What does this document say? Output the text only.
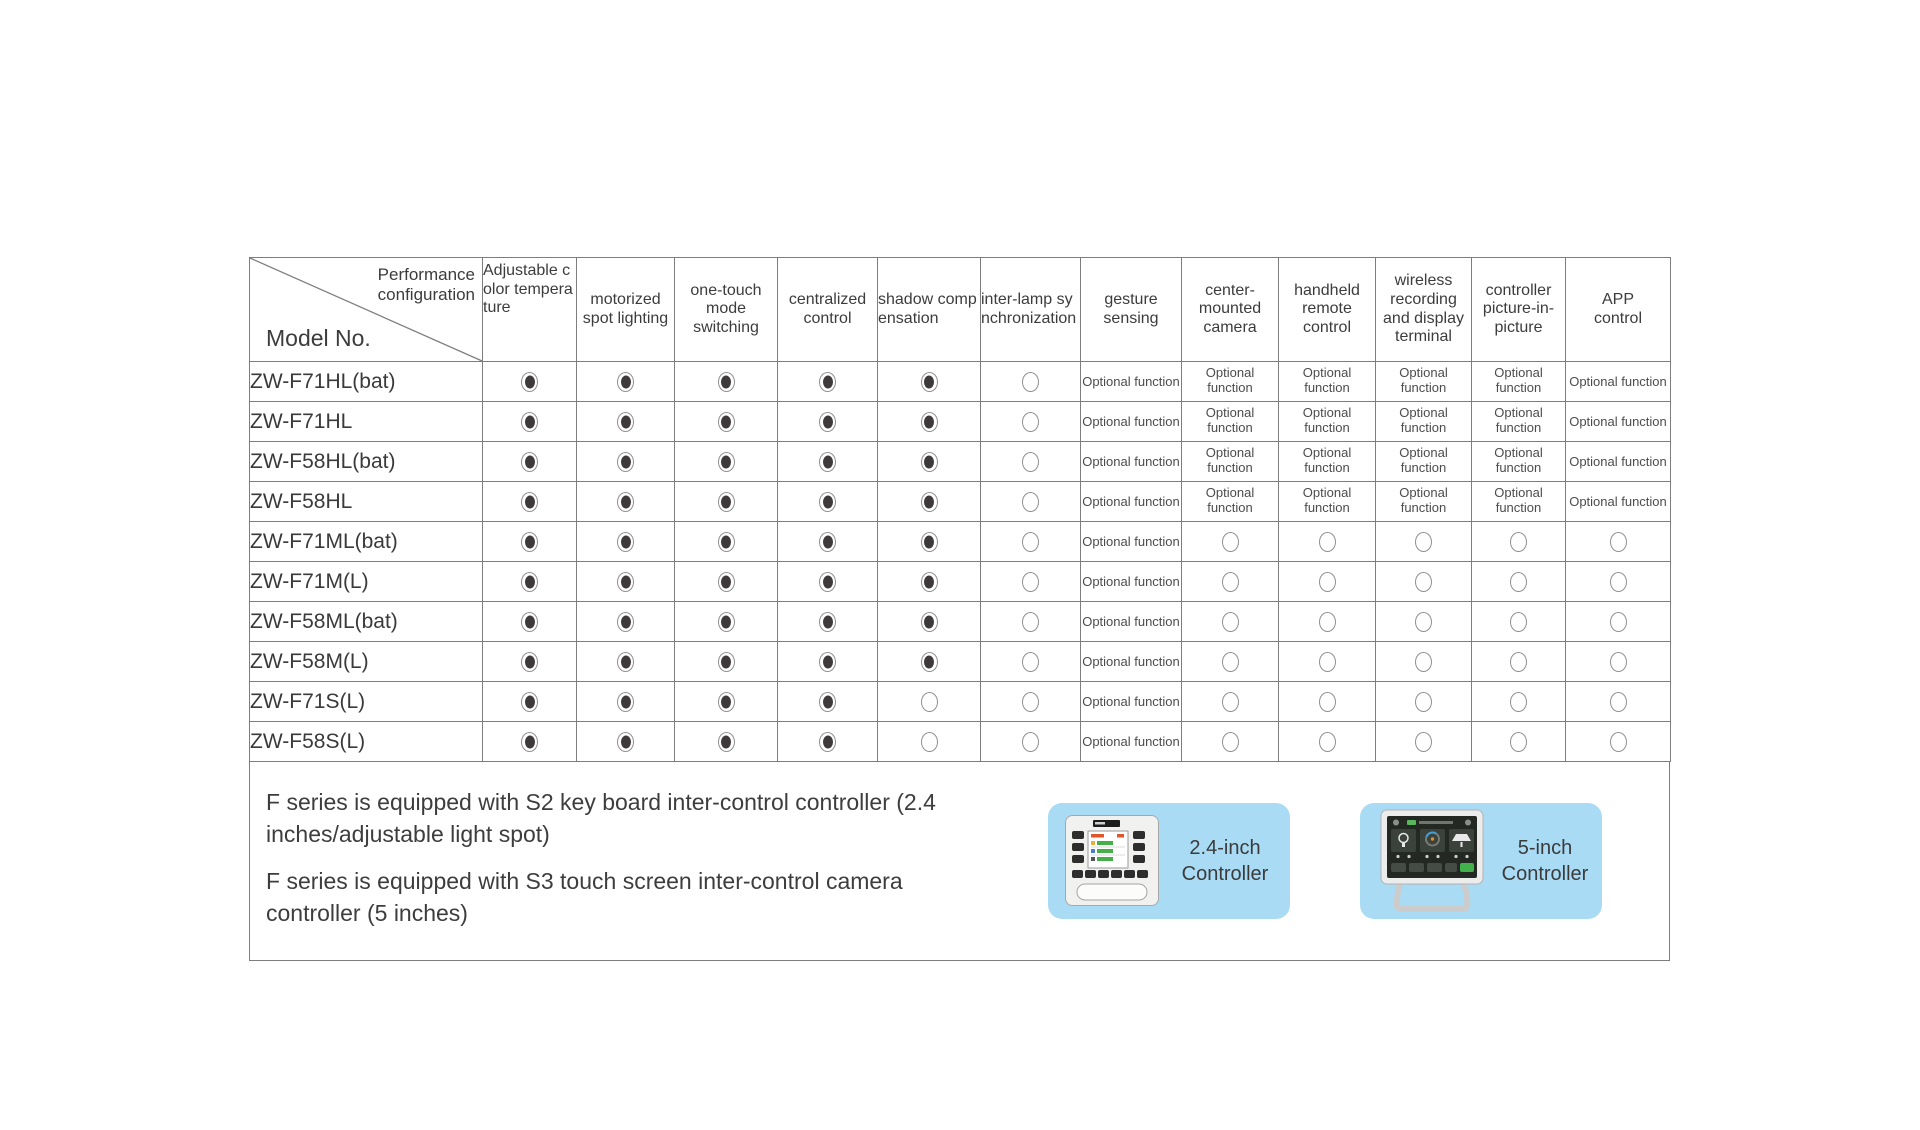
Performance configuration
Model No.	Adjustable color temperature	motorized spot lighting	one-touch mode switching	centralized control	shadow compensation	inter-lamp synchronization	gesture sensing	center-mounted camera	handheld remote control	wireless recording and display terminal	controller picture-in-picture	APP control
ZW-F71HL(bat)							Optional function	Optional function	Optional function	Optional function	Optional function	Optional function
ZW-F71HL							Optional function	Optional function	Optional function	Optional function	Optional function	Optional function
ZW-F58HL(bat)							Optional function	Optional function	Optional function	Optional function	Optional function	Optional function
ZW-F58HL							Optional function	Optional function	Optional function	Optional function	Optional function	Optional function
ZW-F71ML(bat)							Optional function					
ZW-F71M(L)							Optional function					
ZW-F58ML(bat)							Optional function					
ZW-F58M(L)							Optional function					
ZW-F71S(L)							Optional function					
ZW-F58S(L)							Optional function					

F series is equipped with S2 key board inter-control controller (2.4 inches/adjustable light spot)

F series is equipped with S3 touch screen inter-control camera controller (5 inches)

2.4-inch Controller
5-inch Controller
